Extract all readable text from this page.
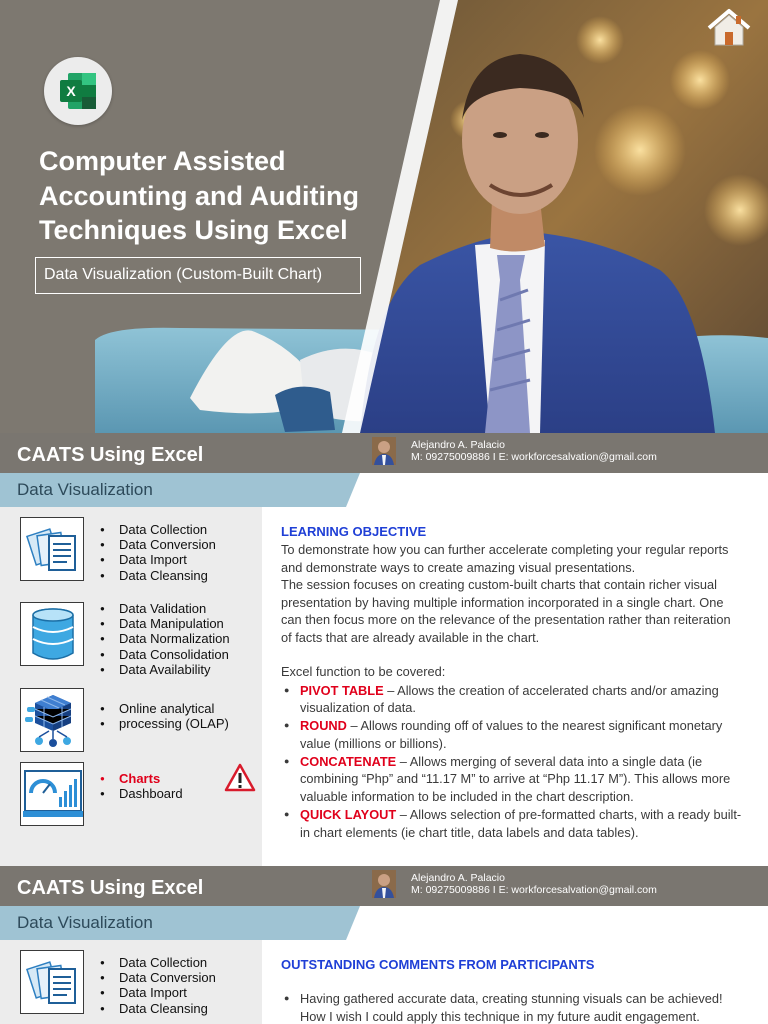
X
Computer Assisted
Accounting and Auditing
Techniques Using Excel
Data Visualization (Custom-Built Chart)
CAATS Using Excel	Alejandro A. Palacio
M: 09275009886 I E: workforcesalvation@gmail.com
Data Visualization
● Data Collection
● Data Conversion
● Data Import
● Data Cleansing
● Data Validation
● Data Manipulation
● Data Normalization
● Data Consolidation
● Data Availability
● Online analytical
● processing (OLAP)
● Charts
● Dashboard
LEARNING OBJECTIVE
To demonstrate how you can further accelerate completing your regular reports
and demonstrate ways to create amazing visual presentations.
The session focuses on creating custom-built charts that contain richer visual
presentation by having multiple information incorporated in a single chart. One
can then focus more on the relevance of the presentation rather than reiteration
of facts that are already available in the chart.
Excel function to be covered:
● PIVOT TABLE – Allows the creation of accelerated charts and/or amazing
visualization of data.
● ROUND – Allows rounding off of values to the nearest significant monetary
value (millions or billions).
● CONCATENATE – Allows merging of several data into a single data (ie
combining “Php” and “11.17 M” to arrive at “Php 11.17 M”). This allows more
valuable information to be included in the chart description.
● QUICK LAYOUT – Allows selection of pre-formatted charts, with a ready built-
in chart elements (ie chart title, data labels and data tables).
CAATS Using Excel	Alejandro A. Palacio
M: 09275009886 I E: workforcesalvation@gmail.com
Data Visualization
● Data Collection
● Data Conversion
● Data Import
● Data Cleansing
OUTSTANDING COMMENTS FROM PARTICIPANTS
● Having gathered accurate data, creating stunning visuals can be achieved!
How I wish I could apply this technique in my future audit engagement.
